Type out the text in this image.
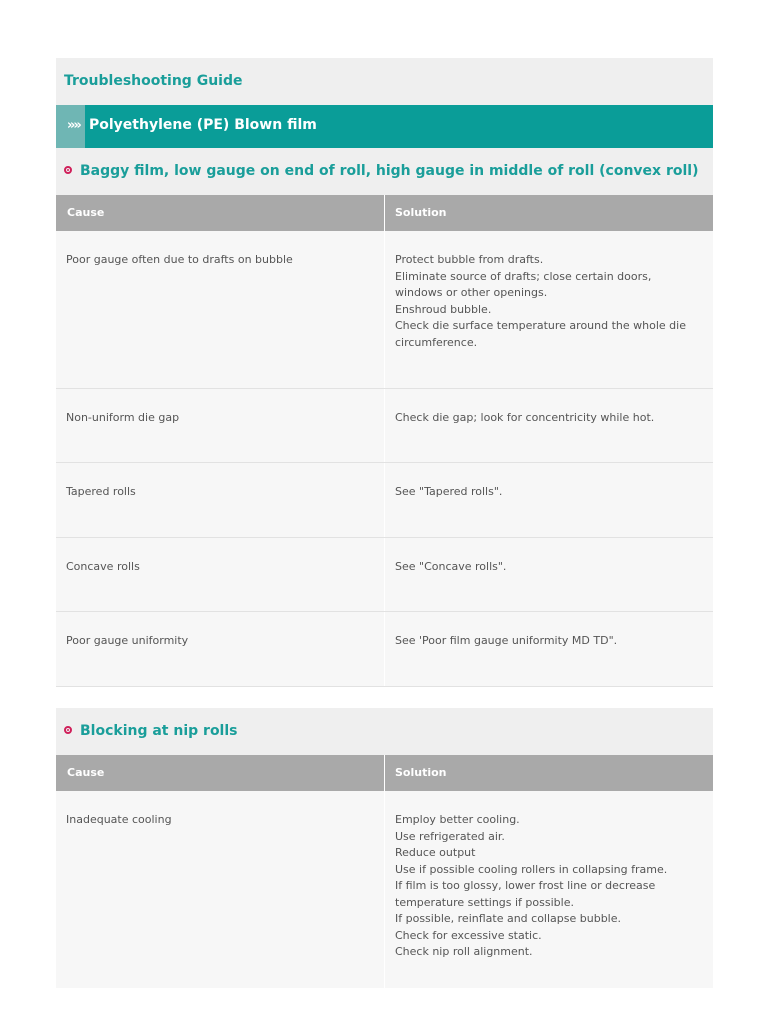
Troubleshooting Guide
»» Polyethylene (PE) Blown film
Baggy film, low gauge on end of roll, high gauge in middle of roll (convex roll)
Cause	Solution
Poor gauge often due to drafts on bubble	Protect bubble from drafts.
Eliminate source of drafts; close certain doors,
windows or other openings.
Enshroud bubble.
Check die surface temperature around the whole die
circumference.
Non-uniform die gap	Check die gap; look for concentricity while hot.
Tapered rolls	See "Tapered rolls".
Concave rolls	See "Concave rolls".
Poor gauge uniformity	See 'Poor film gauge uniformity MD TD".
Blocking at nip rolls
Cause	Solution
Inadequate cooling	Employ better cooling.
Use refrigerated air.
Reduce output
Use if possible cooling rollers in collapsing frame.
If film is too glossy, lower frost line or decrease
temperature settings if possible.
If possible, reinflate and collapse bubble.
Check for excessive static.
Check nip roll alignment.
